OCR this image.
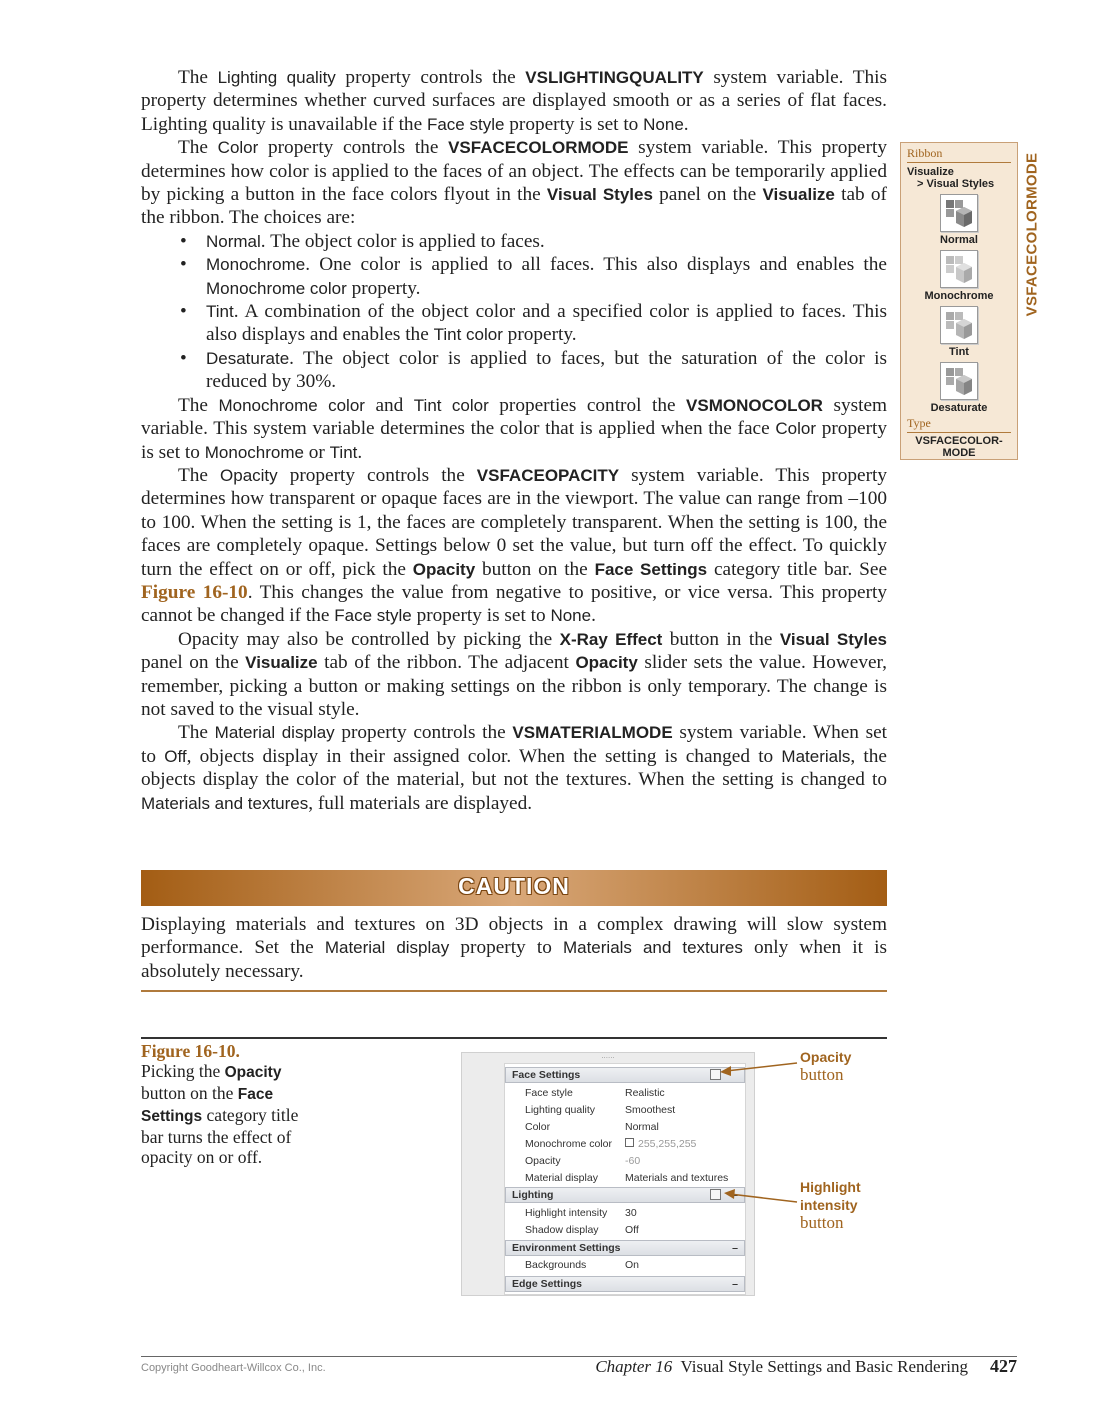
The Lighting quality property controls the VSLIGHTINGQUALITY system variable. This property determines whether curved surfaces are displayed smooth or as a series of flat faces. Lighting quality is unavailable if the Face style property is set to None.

The Color property controls the VSFACECOLORMODE system variable. This property determines how color is applied to the faces of an object. The effects can be temporarily applied by picking a button in the face colors flyout in the Visual Styles panel on the Visualize tab of the ribbon. The choices are:

• Normal. The object color is applied to faces.
• Monochrome. One color is applied to all faces. This also displays and enables the Monochrome color property.
• Tint. A combination of the object color and a specified color is applied to faces. This also displays and enables the Tint color property.
• Desaturate. The object color is applied to faces, but the saturation of the color is reduced by 30%.

The Monochrome color and Tint color properties control the VSMONOCOLOR system variable. This system variable determines the color that is applied when the face Color property is set to Monochrome or Tint.

The Opacity property controls the VSFACEOPACITY system variable. This property determines how transparent or opaque faces are in the viewport. The value can range from –100 to 100. When the setting is 1, the faces are completely transparent. When the setting is 100, the faces are completely opaque. Settings below 0 set the value, but turn off the effect. To quickly turn the effect on or off, pick the Opacity button on the Face Settings category title bar. See Figure 16-10. This changes the value from negative to positive, or vice versa. This property cannot be changed if the Face style property is set to None.

Opacity may also be controlled by picking the X-Ray Effect button in the Visual Styles panel on the Visualize tab of the ribbon. The adjacent Opacity slider sets the value. However, remember, picking a button or making settings on the ribbon is only temporary. The change is not saved to the visual style.

The Material display property controls the VSMATERIALMODE system variable. When set to Off, objects display in their assigned color. When the setting is changed to Materials, the objects display the color of the material, but not the textures. When the setting is changed to Materials and textures, full materials are displayed.

Ribbon
Visualize
> Visual Styles
Normal
Monochrome
Tint
Desaturate
Type
VSFACECOLOR-
MODE
VSFACECOLORMODE
CAUTION
Displaying materials and textures on 3D objects in a complex drawing will slow system performance. Set the Material display property to Materials and textures only when it is absolutely necessary.
Figure 16-10.
Picking the Opacity button on the Face Settings category title bar turns the effect of opacity on or off.
......
Face Settings
Face style	Realistic
Lighting quality	Smoothest
Color	Normal
Monochrome color	255,255,255
Opacity	-60
Material display	Materials and textures
Lighting
Highlight intensity 30
Shadow display	Off
Environment Settings	–
Backgrounds	On
Edge Settings	–
Opacity
button
Highlight
intensity
button
Copyright Goodheart-Willcox Co., Inc.	Chapter 16 Visual Style Settings and Basic Rendering 427
